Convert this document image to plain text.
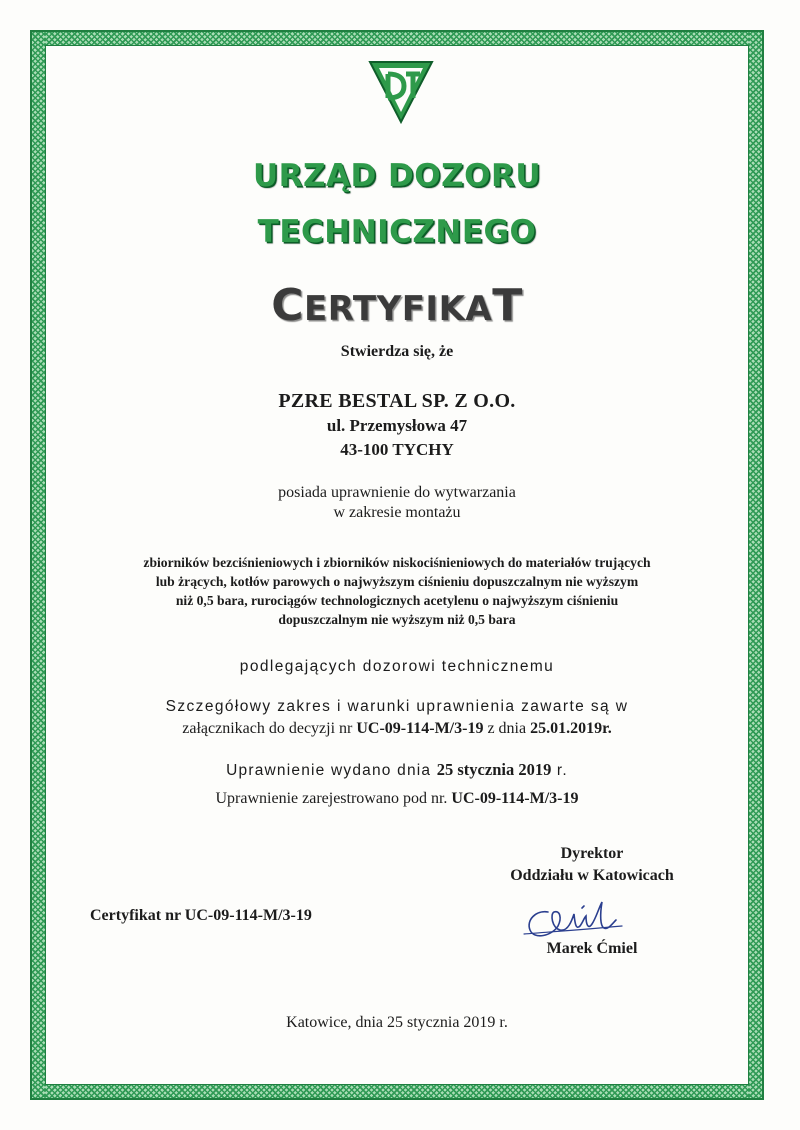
URZĄD DOZORU
TECHNICZNEGO
CERTYFIKAT
Stwierdza się, że
PZRE BESTAL SP. Z O.O.
ul. Przemysłowa 47
43-100 TYCHY
posiada uprawnienie do wytwarzania
w zakresie montażu
zbiorników bezciśnieniowych i zbiorników niskociśnieniowych do materiałów trujących
lub żrących, kotłów parowych o najwyższym ciśnieniu dopuszczalnym nie wyższym
niż 0,5 bara, rurociągów technologicznych acetylenu o najwyższym ciśnieniu
dopuszczalnym nie wyższym niż 0,5 bara
podlegających dozorowi technicznemu
Szczegółowy zakres i warunki uprawnienia zawarte są w
załącznikach do decyzji nr UC-09-114-M/3-19 z dnia 25.01.2019r.
Uprawnienie wydano dnia 25 stycznia 2019 r.
Uprawnienie zarejestrowano pod nr. UC-09-114-M/3-19
Dyrektor
Oddziału w Katowicach
Certyfikat nr UC-09-114-M/3-19
Marek Ćmiel
Katowice, dnia 25 stycznia 2019 r.
